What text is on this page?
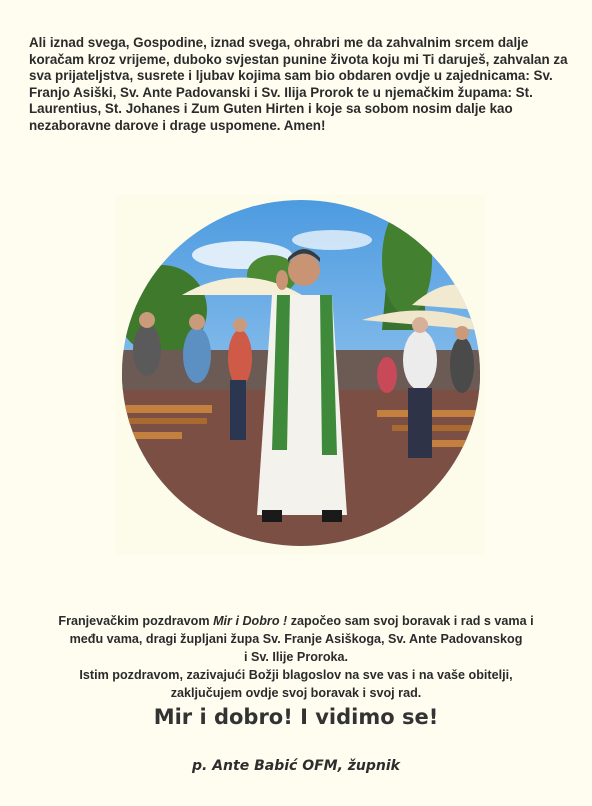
Ali iznad svega, Gospodine, iznad svega, ohrabri me da zahvalnim srcem dalje
koračam kroz vrijeme, duboko svjestan punine života koju mi Ti daruješ, zahvalan za
sva prijateljstva, susrete i ljubav kojima sam bio obdaren ovdje u zajednicama: Sv.
Franjo Asiški, Sv. Ante Padovanski i Sv. Ilija Prorok te u njemačkim župama: St.
Laurentius, St. Johanes i Zum Guten Hirten i koje sa sobom nosim dalje kao
nezaboravne darove i drage uspomene. Amen!
Franjevačkim pozdravom Mir i Dobro ! započeo sam svoj boravak i rad s vama i
među vama, dragi župljani župa Sv. Franje Asiškoga, Sv. Ante Padovanskog
i Sv. Ilije Proroka.
Istim pozdravom, zazivajući Božji blagoslov na sve vas i na vaše obitelji,
zaključujem ovdje svoj boravak i svoj rad.
Mir i dobro! I vidimo se!
p. Ante Babić OFM, župnik
